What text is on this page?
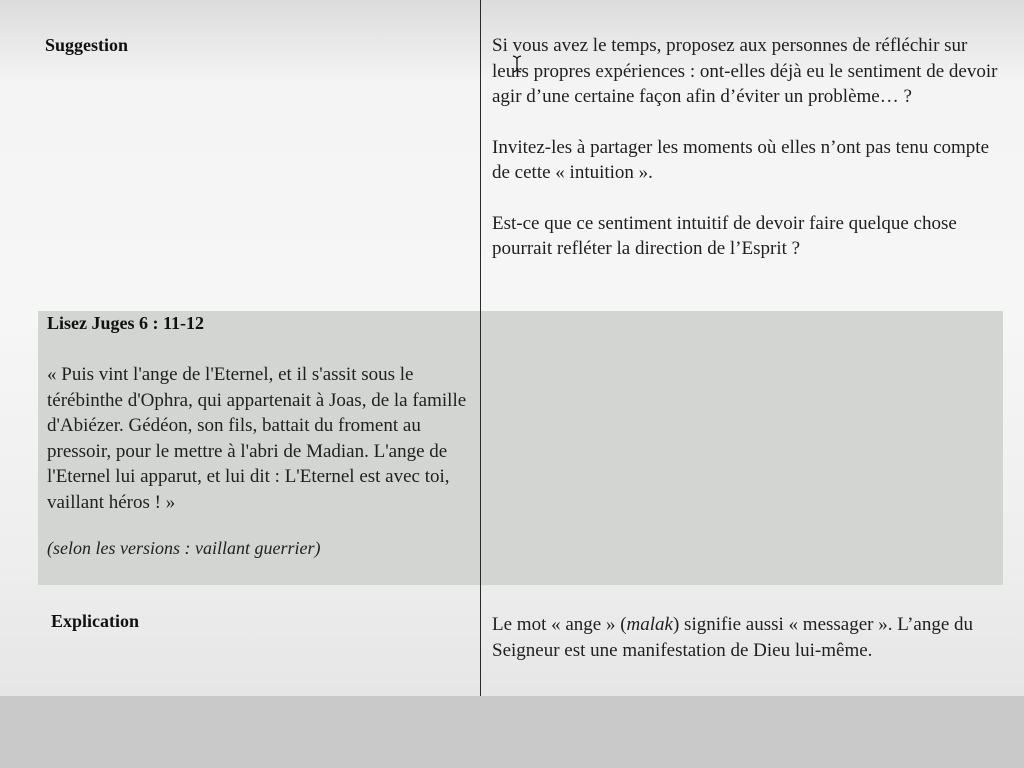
Suggestion	Si vous avez le temps, proposez aux personnes de réfléchir sur leurs propres expériences : ont-elles déjà eu le sentiment de devoir agir d’une certaine façon afin d’éviter un problème… ?

Invitez-les à partager les moments où elles n’ont pas tenu compte de cette « intuition ».

Est-ce que ce sentiment intuitif de devoir faire quelque chose pourrait refléter la direction de l’Esprit ?

Lisez Juges 6 : 11-12

« Puis vint l'ange de l'Eternel, et il s'assit sous le térébinthe d'Ophra, qui appartenait à Joas, de la famille d'Abiézer. Gédéon, son fils, battait du froment au pressoir, pour le mettre à l'abri de Madian. L'ange de l'Eternel lui apparut, et lui dit : L'Eternel est avec toi, vaillant héros ! »

(selon les versions : vaillant guerrier)

Explication	Le mot « ange » (malak) signifie aussi « messager ». L’ange du Seigneur est une manifestation de Dieu lui-même.
